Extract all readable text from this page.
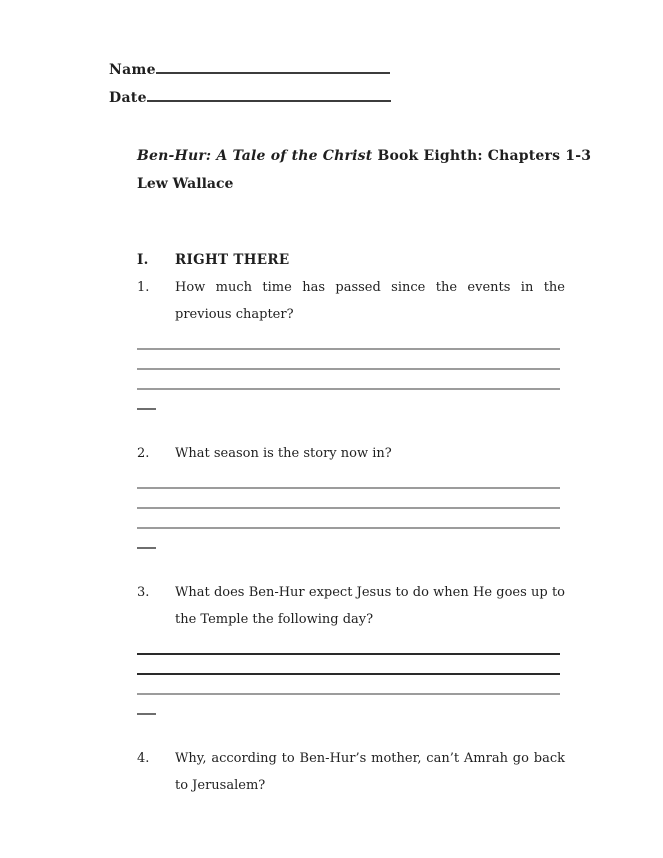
Name
Date
Ben-Hur: A Tale of the Christ Book Eighth: Chapters 1-3
Lew Wallace
I.	RIGHT THERE
1.	How much time has passed since the events in the previous chapter?
2.	What season is the story now in?
3.	What does Ben-Hur expect Jesus to do when He goes up to the Temple the following day?
4.	Why, according to Ben-Hur’s mother, can’t Amrah go back to Jerusalem?
